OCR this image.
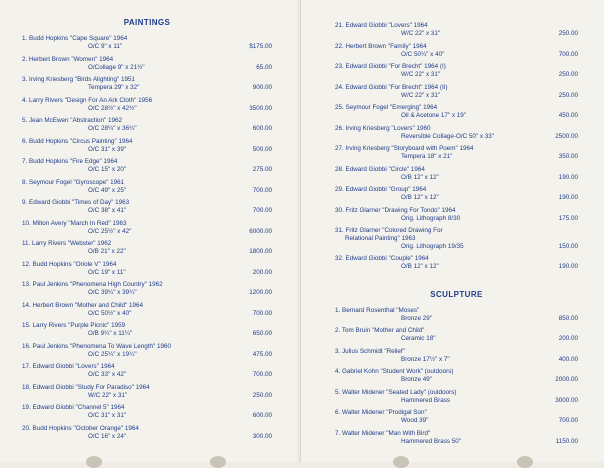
PAINTINGS
1. Budd Hopkins "Cape Square" 1964
O/C 9" x 11"	$175.00
2. Herbert Brown "Women" 1964
O/Collage 9" x 21½"	65.00
3. Irving Kriesberg "Birds Alighting" 1951
Tempera 29" x 32"	900.00
4. Larry Rivers "Design For An Ark Cloth" 1956
O/C 28½" x 42½"	3500.00
5. Jean McEwen "Abstraction" 1962
O/C 28¼" x 36¼"	600.00
6. Budd Hopkins "Circus Painting" 1964
O/C 31" x 39"	500.00
7. Budd Hopkins "Fire Edge" 1964
O/C 15" x 20"	275.00
8. Seymour Fogel "Gyroscope" 1961
O/C 49" x 25"	700.00
9. Edward Giobbi "Times of Day" 1963
O/C 38" x 41"	700.00
10. Milton Avery "March In Red" 1963
O/C 25½" x 42"	6000.00
11. Larry Rivers "Webster" 1962
O/B 21" x 22"	1800.00
12. Budd Hopkins "Oriole V" 1964
O/C 19" x 11"	200.00
13. Paul Jenkins "Phenomena High Country" 1962
O/C 39¼" x 39¼"	1200.00
14. Herbert Brown "Mother and Child" 1964
O/C 50½" x 40"	700.00
15. Larry Rivers "Purple Picnic" 1959
O/B 9¼" x 11¼"	650.00
16. Paul Jenkins "Phenomena To Wave Length" 1960
O/C 25¼" x 19¼"	475.00
17. Edward Giobbi "Lovers" 1964
O/C 33" x 42"	700.00
18. Edward Giobbi "Study For Paradiso" 1964
W/C 22" x 31"	250.00
19. Edward Giobbi "Channel 5" 1964
O/C 31" x 31"	600.00
20. Budd Hopkins "October Orange" 1964
O/C 16" x 24"	300.00
21. Edward Giobbi "Lovers" 1964
W/C 22" x 31"	250.00
22. Herbert Brown "Family" 1964
O/C 50¼" x 40"	700.00
23. Edward Giobbi "For Brecht" 1964 (I)
W/C 22" x 31"	250.00
24. Edward Giobbi "For Brecht" 1964 (II)
W/C 22" x 31"	250.00
25. Seymour Fogel "Emerging" 1964
Oil & Acetone 17" x 19"	450.00
26. Irving Kriesberg "Lovers" 1960
Reversible Collage-O/C 50" x 33"	2500.00
27. Irving Kriesberg "Storyboard with Poem" 1964
Tempera 18" x 21"	350.00
28. Edward Giobbi "Circle" 1964
O/B 12" x 12"	190.00
29. Edward Giobbi "Group" 1964
O/B 12" x 12"	190.00
30. Fritz Glarner "Drawing For Tondo" 1964
Orig. Lithograph 8/30	175.00
31. Fritz Glarner "Colored Drawing For
Relational Painting" 1963
Orig. Lithograph 19/35	150.00
32. Edward Giobbi "Couple" 1964
O/B 12" x 12"	190.00
SCULPTURE
1. Bernard Rosenthal "Moses"
Bronze 29"	850.00
2. Tom Bruin "Mother and Child"
Ceramic 18"	200.00
3. Julius Schmidt "Relief"
Bronze 17½" x 7"	400.00
4. Gabriel Kohn "Student Work" (outdoors)
Bronze 49"	2000.00
5. Walter Midener "Seated Lady" (outdoors)
Hammered Brass	3000.00
6. Walter Midener "Prodigal Son"
Wood 39"	700.00
7. Walter Midener "Man With Bird"
Hammered Brass 50"	1150.00
